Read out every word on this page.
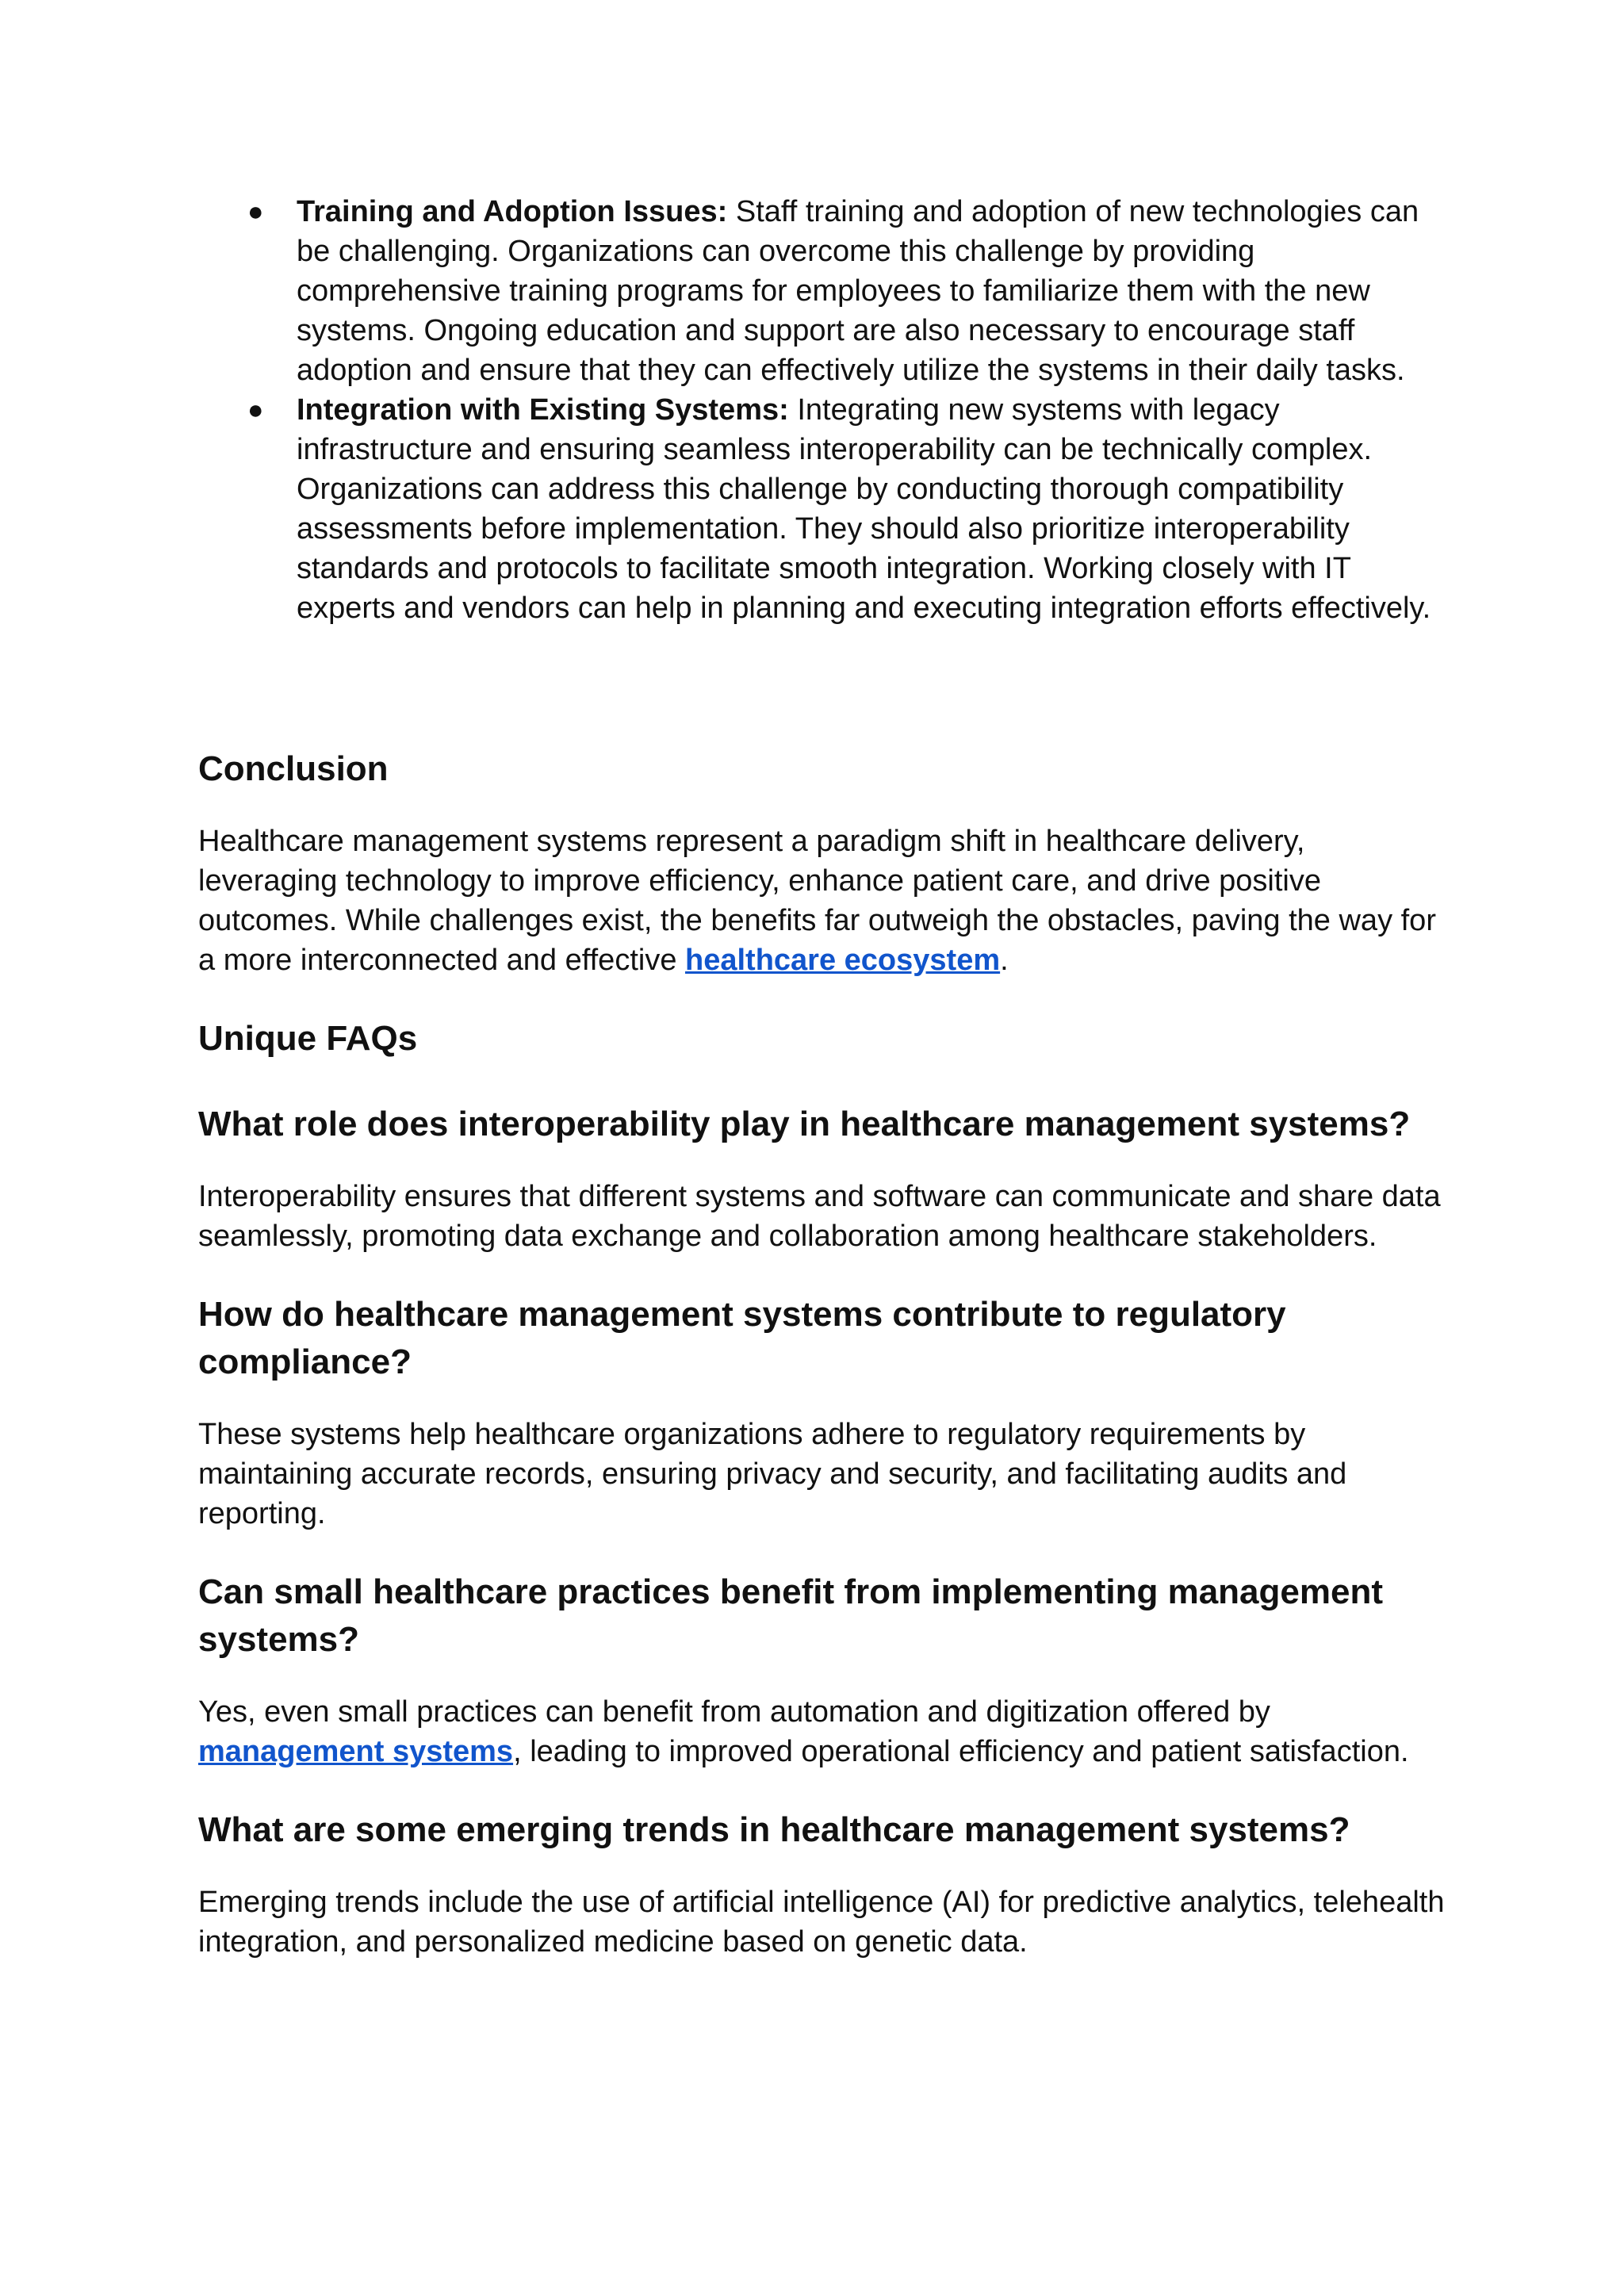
● Training and Adoption Issues: Staff training and adoption of new technologies can be challenging. Organizations can overcome this challenge by providing comprehensive training programs for employees to familiarize them with the new systems. Ongoing education and support are also necessary to encourage staff adoption and ensure that they can effectively utilize the systems in their daily tasks.
● Integration with Existing Systems: Integrating new systems with legacy infrastructure and ensuring seamless interoperability can be technically complex. Organizations can address this challenge by conducting thorough compatibility assessments before implementation. They should also prioritize interoperability standards and protocols to facilitate smooth integration. Working closely with IT experts and vendors can help in planning and executing integration efforts effectively.
Conclusion

Healthcare management systems represent a paradigm shift in healthcare delivery, leveraging technology to improve efficiency, enhance patient care, and drive positive outcomes. While challenges exist, the benefits far outweigh the obstacles, paving the way for a more interconnected and effective healthcare ecosystem.

Unique FAQs
What role does interoperability play in healthcare management systems?

Interoperability ensures that different systems and software can communicate and share data seamlessly, promoting data exchange and collaboration among healthcare stakeholders.

How do healthcare management systems contribute to regulatory compliance?

These systems help healthcare organizations adhere to regulatory requirements by maintaining accurate records, ensuring privacy and security, and facilitating audits and reporting.

Can small healthcare practices benefit from implementing management systems?

Yes, even small practices can benefit from automation and digitization offered by management systems, leading to improved operational efficiency and patient satisfaction.

What are some emerging trends in healthcare management systems?

Emerging trends include the use of artificial intelligence (AI) for predictive analytics, telehealth integration, and personalized medicine based on genetic data.
